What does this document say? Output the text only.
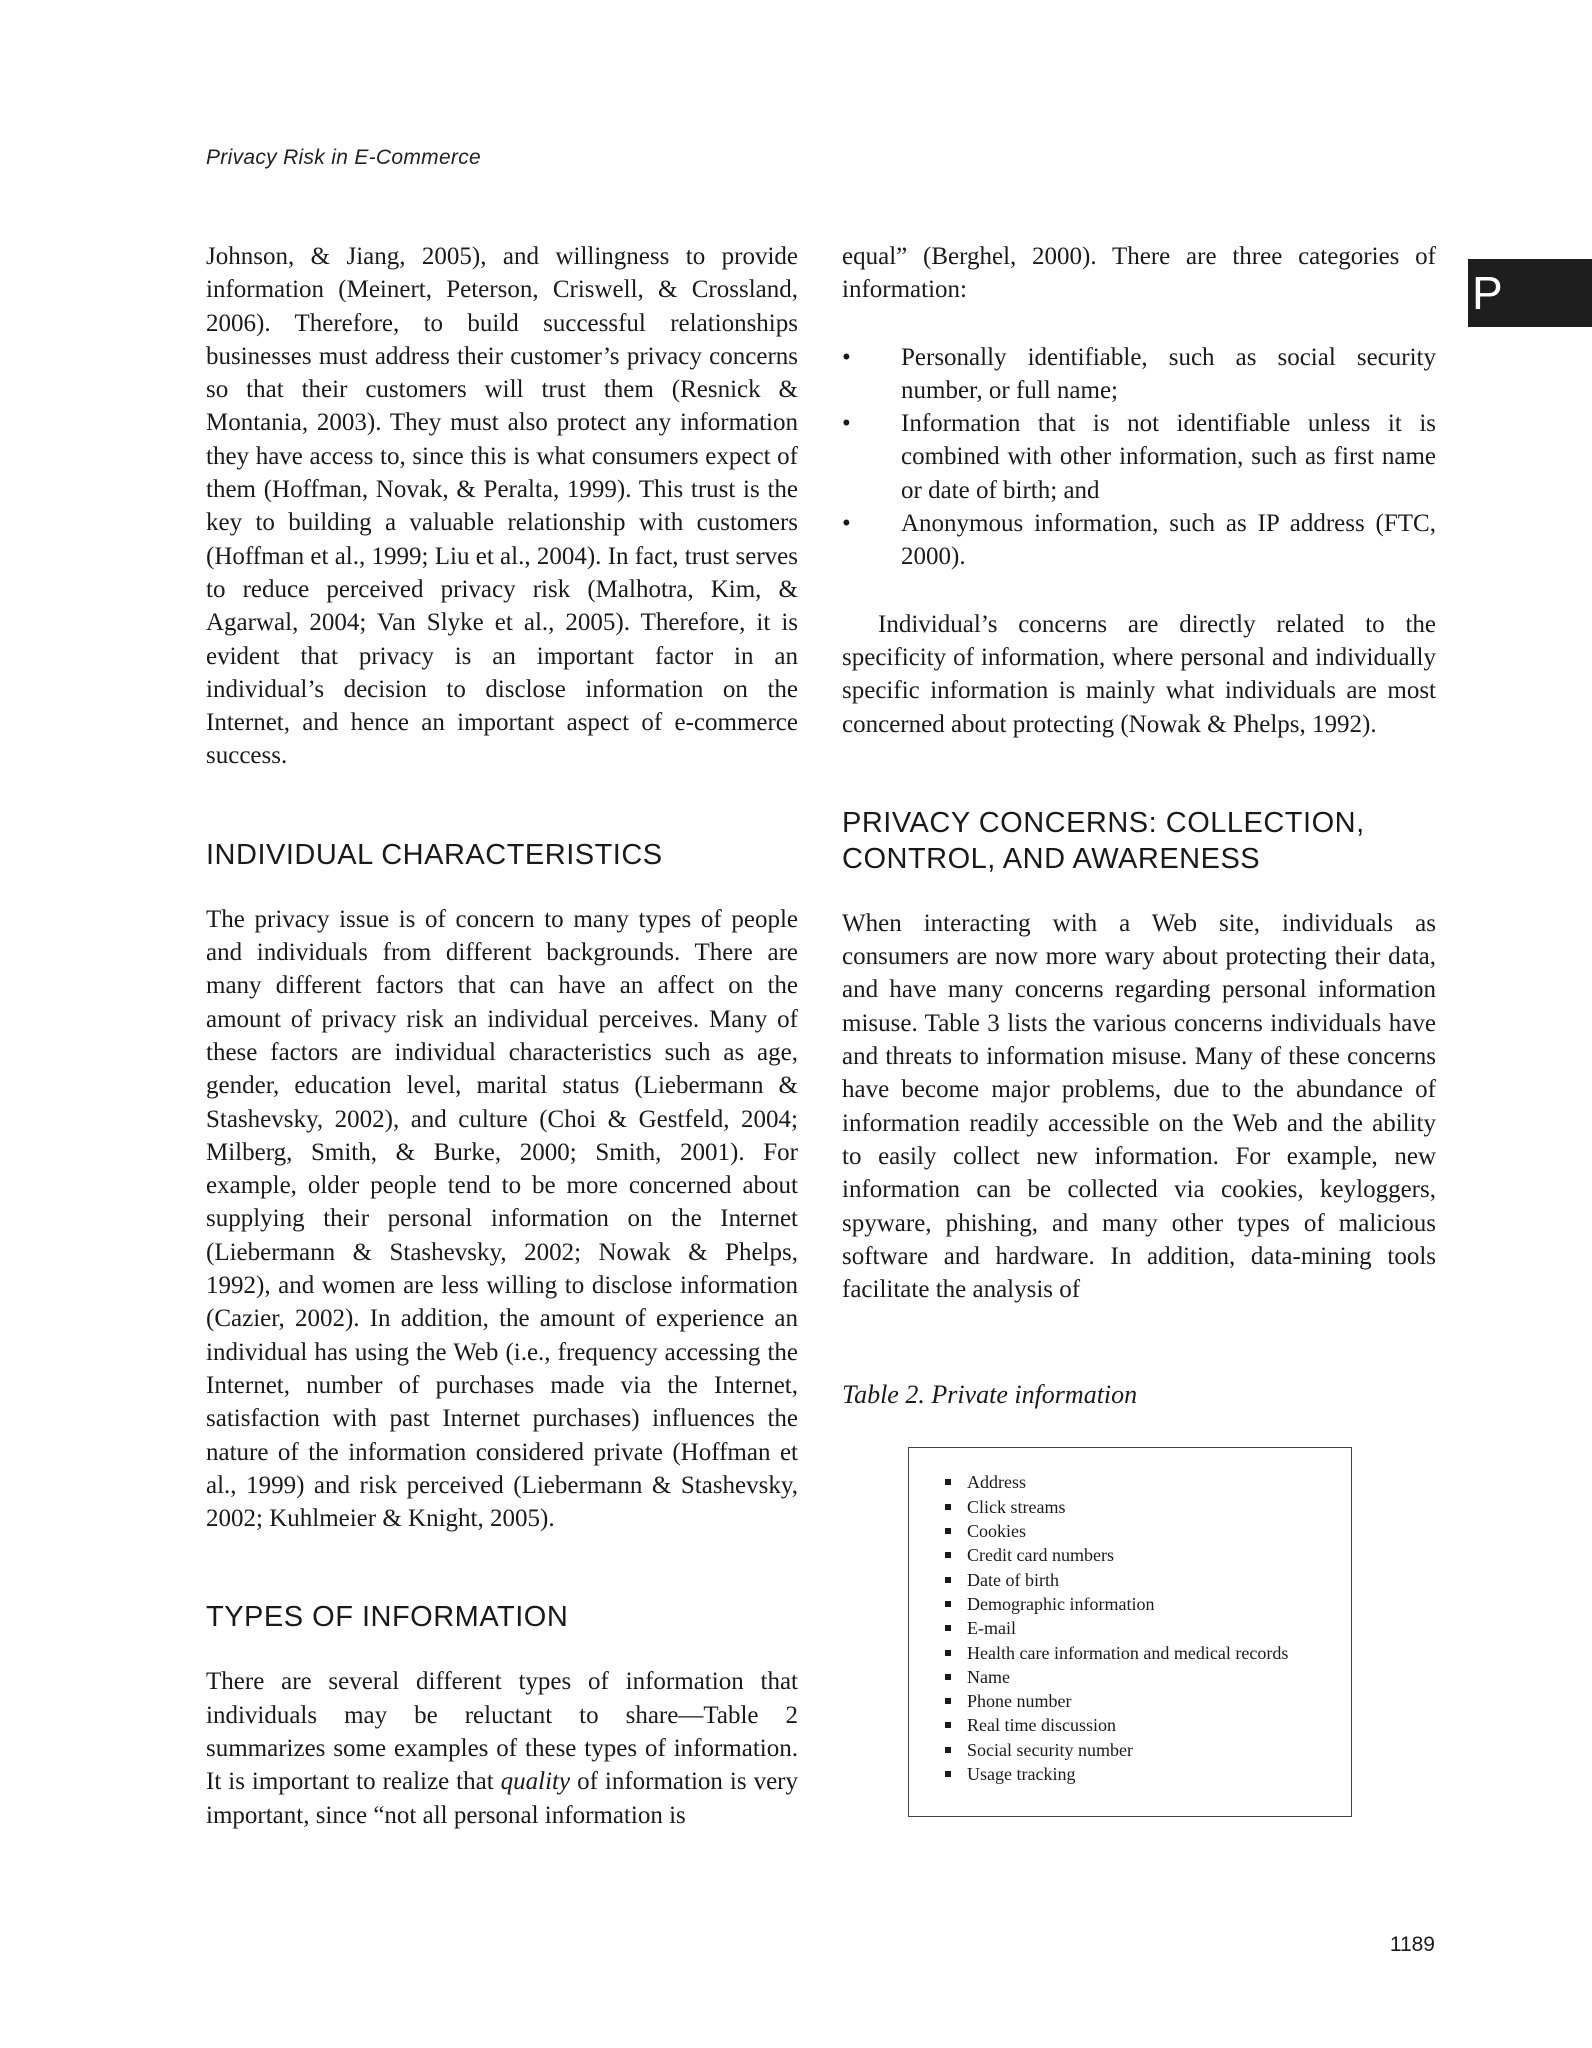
Privacy Risk in E-Commerce
P

Johnson, & Jiang, 2005), and willingness to provide information (Meinert, Peterson, Criswell, & Crossland, 2006). Therefore, to build successful relationships businesses must address their customer’s privacy concerns so that their customers will trust them (Resnick & Montania, 2003). They must also protect any information they have access to, since this is what consumers expect of them (Hoffman, Novak, & Peralta, 1999). This trust is the key to building a valuable relationship with customers (Hoffman et al., 1999; Liu et al., 2004). In fact, trust serves to reduce perceived privacy risk (Malhotra, Kim, & Agarwal, 2004; Van Slyke et al., 2005). Therefore, it is evident that privacy is an important factor in an individual’s decision to disclose information on the Internet, and hence an important aspect of e-commerce success.

INDIVIDUAL CHARACTERISTICS

The privacy issue is of concern to many types of people and individuals from different backgrounds. There are many different factors that can have an affect on the amount of privacy risk an individual perceives. Many of these factors are individual characteristics such as age, gender, education level, marital status (Liebermann & Stashevsky, 2002), and culture (Choi & Gestfeld, 2004; Milberg, Smith, & Burke, 2000; Smith, 2001). For example, older people tend to be more concerned about supplying their personal information on the Internet (Liebermann & Stashevsky, 2002; Nowak & Phelps, 1992), and women are less willing to disclose information (Cazier, 2002). In addition, the amount of experience an individual has using the Web (i.e., frequency accessing the Internet, number of purchases made via the Internet, satisfaction with past Internet purchases) influences the nature of the information considered private (Hoffman et al., 1999) and risk perceived (Liebermann & Stashevsky, 2002; Kuhlmeier & Knight, 2005).

TYPES OF INFORMATION

There are several different types of information that individuals may be reluctant to share—Table 2 summarizes some examples of these types of information. It is important to realize that quality of information is very important, since “not all personal information is

equal” (Berghel, 2000). There are three categories of information:

• Personally identifiable, such as social security number, or full name;
• Information that is not identifiable unless it is combined with other information, such as first name or date of birth; and
• Anonymous information, such as IP address (FTC, 2000).

Individual’s concerns are directly related to the specificity of information, where personal and individually specific information is mainly what individuals are most concerned about protecting (Nowak & Phelps, 1992).

PRIVACY CONCERNS: COLLECTION,
CONTROL, AND AWARENESS

When interacting with a Web site, individuals as consumers are now more wary about protecting their data, and have many concerns regarding personal information misuse. Table 3 lists the various concerns individuals have and threats to information misuse. Many of these concerns have become major problems, due to the abundance of information readily accessible on the Web and the ability to easily collect new information. For example, new information can be collected via cookies, keyloggers, spyware, phishing, and many other types of malicious software and hardware. In addition, data-mining tools facilitate the analysis of

Table 2. Private information
Address
Click streams
Cookies
Credit card numbers
Date of birth
Demographic information
E-mail
Health care information and medical records
Name
Phone number
Real time discussion
Social security number
Usage tracking
1189
